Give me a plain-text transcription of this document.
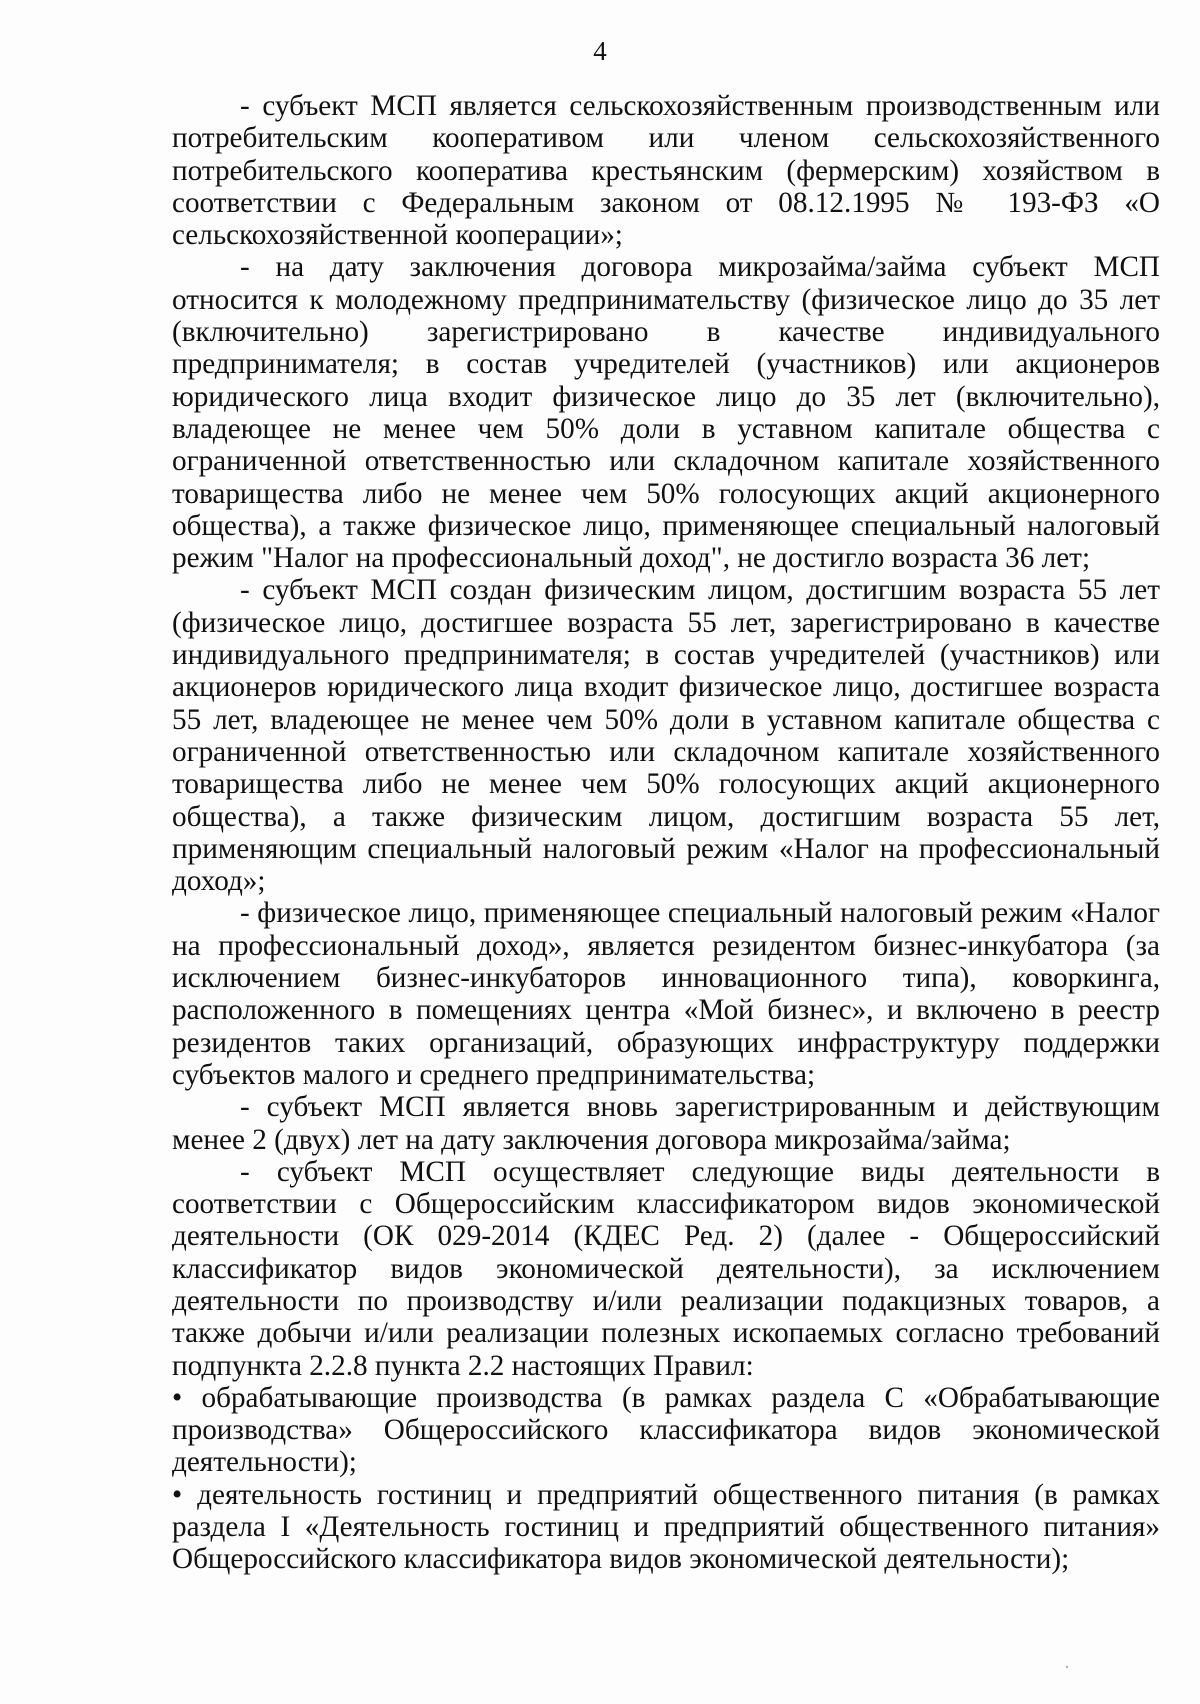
4

- субъект МСП является сельскохозяйственным производственным или потребительским кооперативом или членом сельскохозяйственного потребительского кооператива крестьянским (фермерским) хозяйством в соответствии с Федеральным законом от 08.12.1995 № 193-ФЗ «О сельскохозяйственной кооперации»;

- на дату заключения договора микрозайма/займа субъект МСП относится к молодежному предпринимательству (физическое лицо до 35 лет (включительно) зарегистрировано в качестве индивидуального предпринимателя; в состав учредителей (участников) или акционеров юридического лица входит физическое лицо до 35 лет (включительно), владеющее не менее чем 50% доли в уставном капитале общества с ограниченной ответственностью или складочном капитале хозяйственного товарищества либо не менее чем 50% голосующих акций акционерного общества), а также физическое лицо, применяющее специальный налоговый режим "Налог на профессиональный доход", не достигло возраста 36 лет;

- субъект МСП создан физическим лицом, достигшим возраста 55 лет (физическое лицо, достигшее возраста 55 лет, зарегистрировано в качестве индивидуального предпринимателя; в состав учредителей (участников) или акционеров юридического лица входит физическое лицо, достигшее возраста 55 лет, владеющее не менее чем 50% доли в уставном капитале общества с ограниченной ответственностью или складочном капитале хозяйственного товарищества либо не менее чем 50% голосующих акций акционерного общества), а также физическим лицом, достигшим возраста 55 лет, применяющим специальный налоговый режим «Налог на профессиональный доход»;

- физическое лицо, применяющее специальный налоговый режим «Налог на профессиональный доход», является резидентом бизнес-инкубатора (за исключением бизнес-инкубаторов инновационного типа), коворкинга, расположенного в помещениях центра «Мой бизнес», и включено в реестр резидентов таких организаций, образующих инфраструктуру поддержки субъектов малого и среднего предпринимательства;

- субъект МСП является вновь зарегистрированным и действующим менее 2 (двух) лет на дату заключения договора микрозайма/займа;

- субъект МСП осуществляет следующие виды деятельности в соответствии с Общероссийским классификатором видов экономической деятельности (ОК 029-2014 (КДЕС Ред. 2) (далее - Общероссийский классификатор видов экономической деятельности), за исключением деятельности по производству и/или реализации подакцизных товаров, а также добычи и/или реализации полезных ископаемых согласно требований подпункта 2.2.8 пункта 2.2 настоящих Правил:

• обрабатывающие производства (в рамках раздела С «Обрабатывающие производства» Общероссийского классификатора видов экономической деятельности);

• деятельность гостиниц и предприятий общественного питания (в рамках раздела I «Деятельность гостиниц и предприятий общественного питания» Общероссийского классификатора видов экономической деятельности);
